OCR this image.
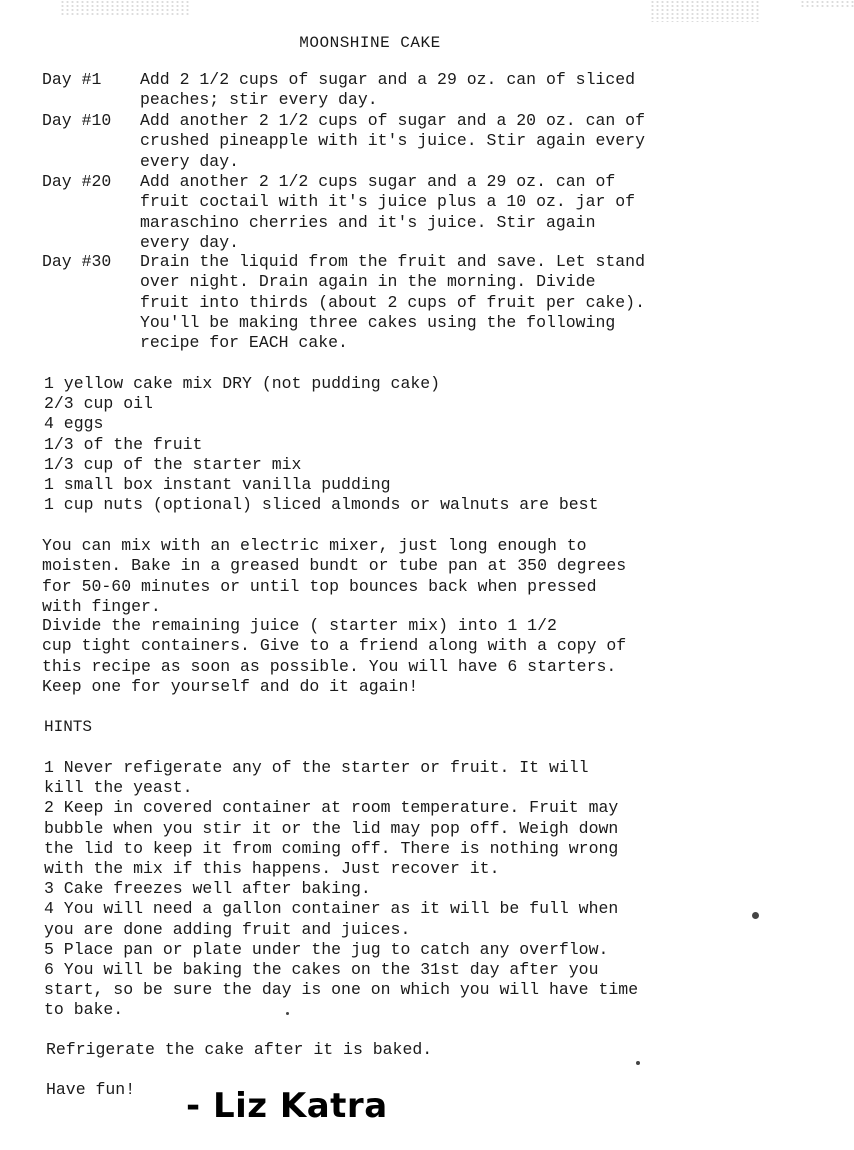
MOONSHINE CAKE
Day #1	Add 2 1/2 cups of sugar and a 29 oz. can of sliced
peaches; stir every day.
Day #10	Add another 2 1/2 cups of sugar and a 20 oz. can of
crushed pineapple with it's juice. Stir again every
every day.
Day #20	Add another 2 1/2 cups sugar and a 29 oz. can of
fruit coctail with it's juice plus a 10 oz. jar of
maraschino cherries and it's juice. Stir again
every day.
Day #30	Drain the liquid from the fruit and save. Let stand
over night. Drain again in the morning. Divide
fruit into thirds (about 2 cups of fruit per cake).
You'll be making three cakes using the following
recipe for EACH cake.
1 yellow cake mix DRY (not pudding cake)
2/3 cup oil
4 eggs
1/3 of the fruit
1/3 cup of the starter mix
1 small box instant vanilla pudding
1 cup nuts (optional) sliced almonds or walnuts are best
You can mix with an electric mixer, just long enough to
moisten. Bake in a greased bundt or tube pan at 350 degrees
for 50-60 minutes or until top bounces back when pressed
with finger.
Divide the remaining juice ( starter mix) into 1 1/2
cup tight containers. Give to a friend along with a copy of
this recipe as soon as possible. You will have 6 starters.
Keep one for yourself and do it again!
HINTS
1 Never refigerate any of the starter or fruit. It will
kill the yeast.
2 Keep in covered container at room temperature. Fruit may
bubble when you stir it or the lid may pop off. Weigh down
the lid to keep it from coming off. There is nothing wrong
with the mix if this happens. Just recover it.
3 Cake freezes well after baking.
4 You will need a gallon container as it will be full when
you are done adding fruit and juices.
5 Place pan or plate under the jug to catch any overflow.
6 You will be baking the cakes on the 31st day after you
start, so be sure the day is one on which you will have time
to bake.
Refrigerate the cake after it is baked.
Have fun! - Liz Katra
